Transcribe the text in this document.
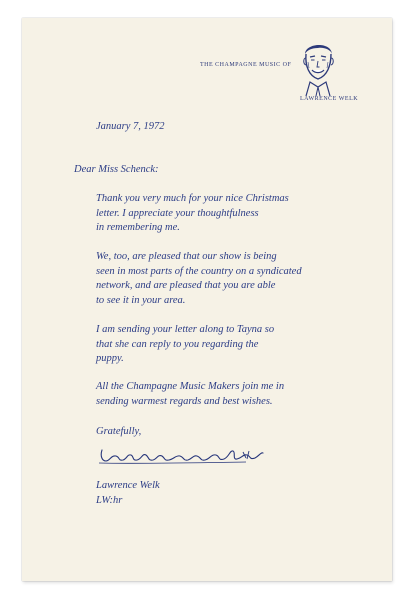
THE CHAMPAGNE MUSIC OF
LAWRENCE WELK
January 7, 1972
Dear Miss Schenck:
Thank you very much for your nice Christmas
letter. I appreciate your thoughtfulness
in remembering me.
We, too, are pleased that our show is being
seen in most parts of the country on a syndicated
network, and are pleased that you are able
to see it in your area.
I am sending your letter along to Tayna so
that she can reply to you regarding the
puppy.
All the Champagne Music Makers join me in
sending warmest regards and best wishes.
Gratefully,
Lawrence Welk
LW:hr
